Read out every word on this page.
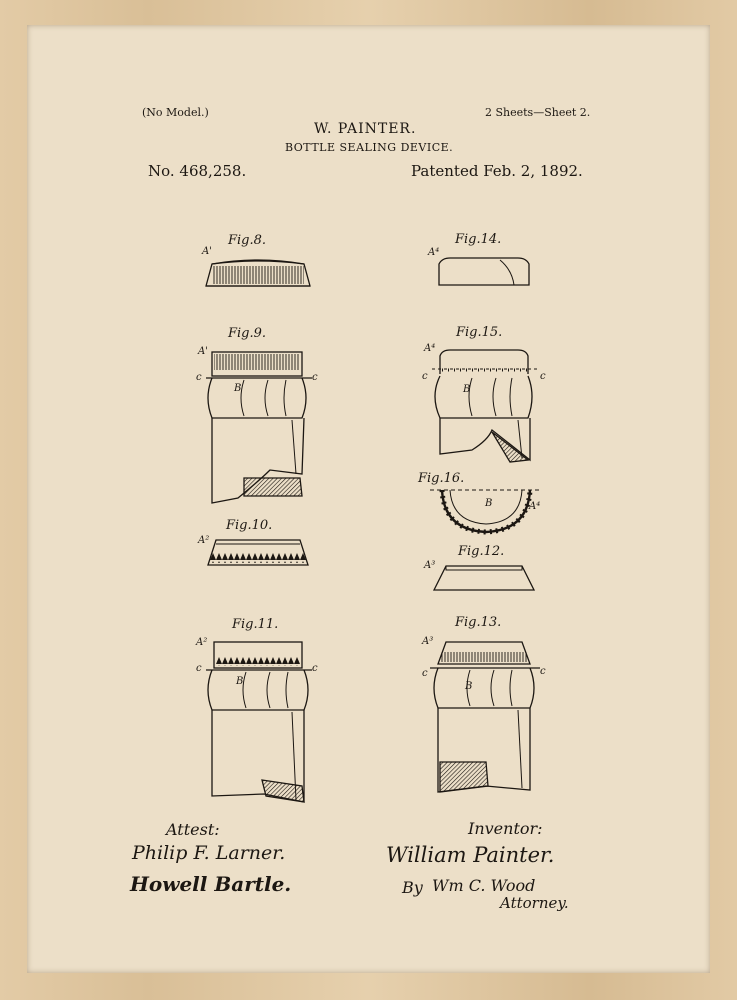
(No Model.)	2 Sheets—Sheet 2.
W. PAINTER.
BOTTLE SEALING DEVICE.
No. 468,258.	Patented Feb. 2, 1892.
Fig.8.	Fig.14.
Fig.9.	Fig.15.
Fig.16.
Fig.10.
Fig.12.
Fig.11.	Fig.13.
A'	A⁴
A'
c	c
B
A⁴
c	c
B
B	A⁴
A²
A³
A²
c	c
B
A³
c	c
B
Attest:
Philip F. Larner.
Howell Bartle.
Inventor:
William Painter.
By Wm C. Wood
Attorney.
